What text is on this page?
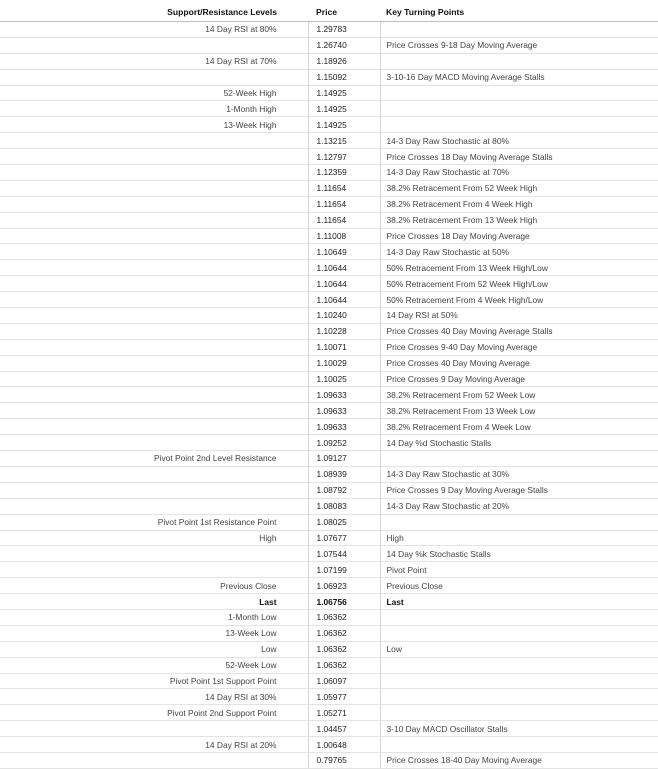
Support/Resistance Levels	Price	Key Turning Points
14 Day RSI at 80%	1.29783	
	1.26740	Price Crosses 9-18 Day Moving Average
14 Day RSI at 70%	1.18926	
	1.15092	3-10-16 Day MACD Moving Average Stalls
52-Week High	1.14925	
1-Month High	1.14925	
13-Week High	1.14925	
	1.13215	14-3 Day Raw Stochastic at 80%
	1.12797	Price Crosses 18 Day Moving Average Stalls
	1.12359	14-3 Day Raw Stochastic at 70%
	1.11654	38.2% Retracement From 52 Week High
	1.11654	38.2% Retracement From 4 Week High
	1.11654	38.2% Retracement From 13 Week High
	1.11008	Price Crosses 18 Day Moving Average
	1.10649	14-3 Day Raw Stochastic at 50%
	1.10644	50% Retracement From 13 Week High/Low
	1.10644	50% Retracement From 52 Week High/Low
	1.10644	50% Retracement From 4 Week High/Low
	1.10240	14 Day RSI at 50%
	1.10228	Price Crosses 40 Day Moving Average Stalls
	1.10071	Price Crosses 9-40 Day Moving Average
	1.10029	Price Crosses 40 Day Moving Average
	1.10025	Price Crosses 9 Day Moving Average
	1.09633	38.2% Retracement From 52 Week Low
	1.09633	38.2% Retracement From 13 Week Low
	1.09633	38.2% Retracement From 4 Week Low
	1.09252	14 Day %d Stochastic Stalls
Pivot Point 2nd Level Resistance	1.09127	
	1.08939	14-3 Day Raw Stochastic at 30%
	1.08792	Price Crosses 9 Day Moving Average Stalls
	1.08083	14-3 Day Raw Stochastic at 20%
Pivot Point 1st Resistance Point	1.08025	
High	1.07677	High
	1.07544	14 Day %k Stochastic Stalls
	1.07199	Pivot Point
Previous Close	1.06923	Previous Close
Last	1.06756	Last
1-Month Low	1.06362	
13-Week Low	1.06362	
Low	1.06362	Low
52-Week Low	1.06362	
Pivot Point 1st Support Point	1.06097	
14 Day RSI at 30%	1.05977	
Pivot Point 2nd Support Point	1.05271	
	1.04457	3-10 Day MACD Oscillator Stalls
14 Day RSI at 20%	1.00648	
	0.79765	Price Crosses 18-40 Day Moving Average
